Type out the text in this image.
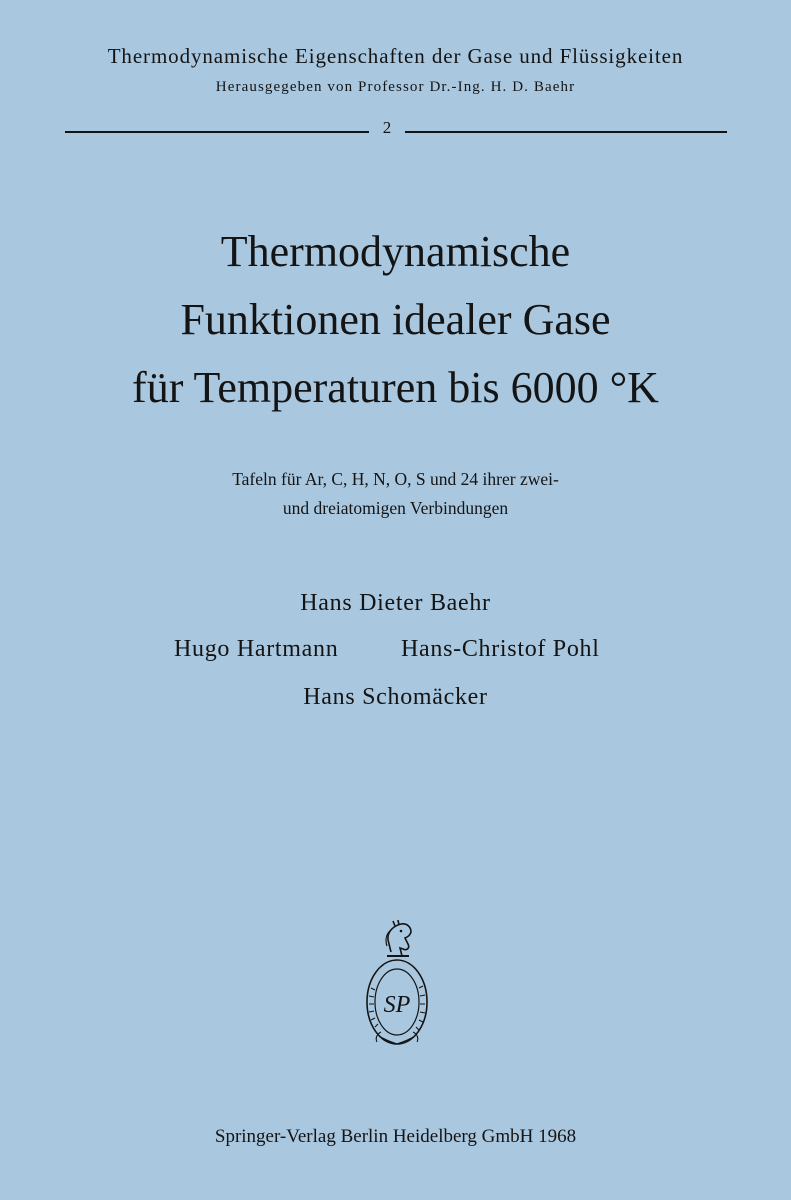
Thermodynamische Eigenschaften der Gase und Flüssigkeiten
Herausgegeben von Professor Dr.-Ing. H. D. Baehr
2
Thermodynamische
Funktionen idealer Gase
für Temperaturen bis 6000 °K
Tafeln für Ar, C, H, N, O, S und 24 ihrer zwei-
und dreiatomigen Verbindungen
Hans Dieter Baehr
Hugo Hartmann	Hans-Christof Pohl
Hans Schomäcker
SP
Springer-Verlag Berlin Heidelberg GmbH 1968
